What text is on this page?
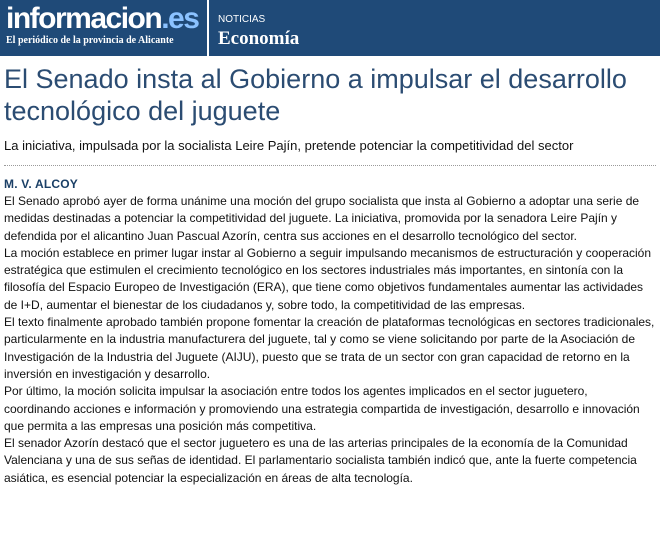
informacion.es
El periódico de la provincia de Alicante
NOTICIAS
Economía
El Senado insta al Gobierno a impulsar el desarrollo tecnológico del juguete
La iniciativa, impulsada por la socialista Leire Pajín, pretende potenciar la competitividad del sector
M. V. ALCOY

El Senado aprobó ayer de forma unánime una moción del grupo socialista que insta al Gobierno a adoptar una serie de medidas destinadas a potenciar la competitividad del juguete. La iniciativa, promovida por la senadora Leire Pajín y defendida por el alicantino Juan Pascual Azorín, centra sus acciones en el desarrollo tecnológico del sector.

La moción establece en primer lugar instar al Gobierno a seguir impulsando mecanismos de estructuración y cooperación estratégica que estimulen el crecimiento tecnológico en los sectores industriales más importantes, en sintonía con la filosofía del Espacio Europeo de Investigación (ERA), que tiene como objetivos fundamentales aumentar las actividades de I+D, aumentar el bienestar de los ciudadanos y, sobre todo, la competitividad de las empresas.

El texto finalmente aprobado también propone fomentar la creación de plataformas tecnológicas en sectores tradicionales, particularmente en la industria manufacturera del juguete, tal y como se viene solicitando por parte de la Asociación de Investigación de la Industria del Juguete (AIJU), puesto que se trata de un sector con gran capacidad de retorno en la inversión en investigación y desarrollo.

Por último, la moción solicita impulsar la asociación entre todos los agentes implicados en el sector juguetero, coordinando acciones e información y promoviendo una estrategia compartida de investigación, desarrollo e innovación que permita a las empresas una posición más competitiva.

El senador Azorín destacó que el sector juguetero es una de las arterias principales de la economía de la Comunidad Valenciana y una de sus señas de identidad. El parlamentario socialista también indicó que, ante la fuerte competencia asiática, es esencial potenciar la especialización en áreas de alta tecnología.
